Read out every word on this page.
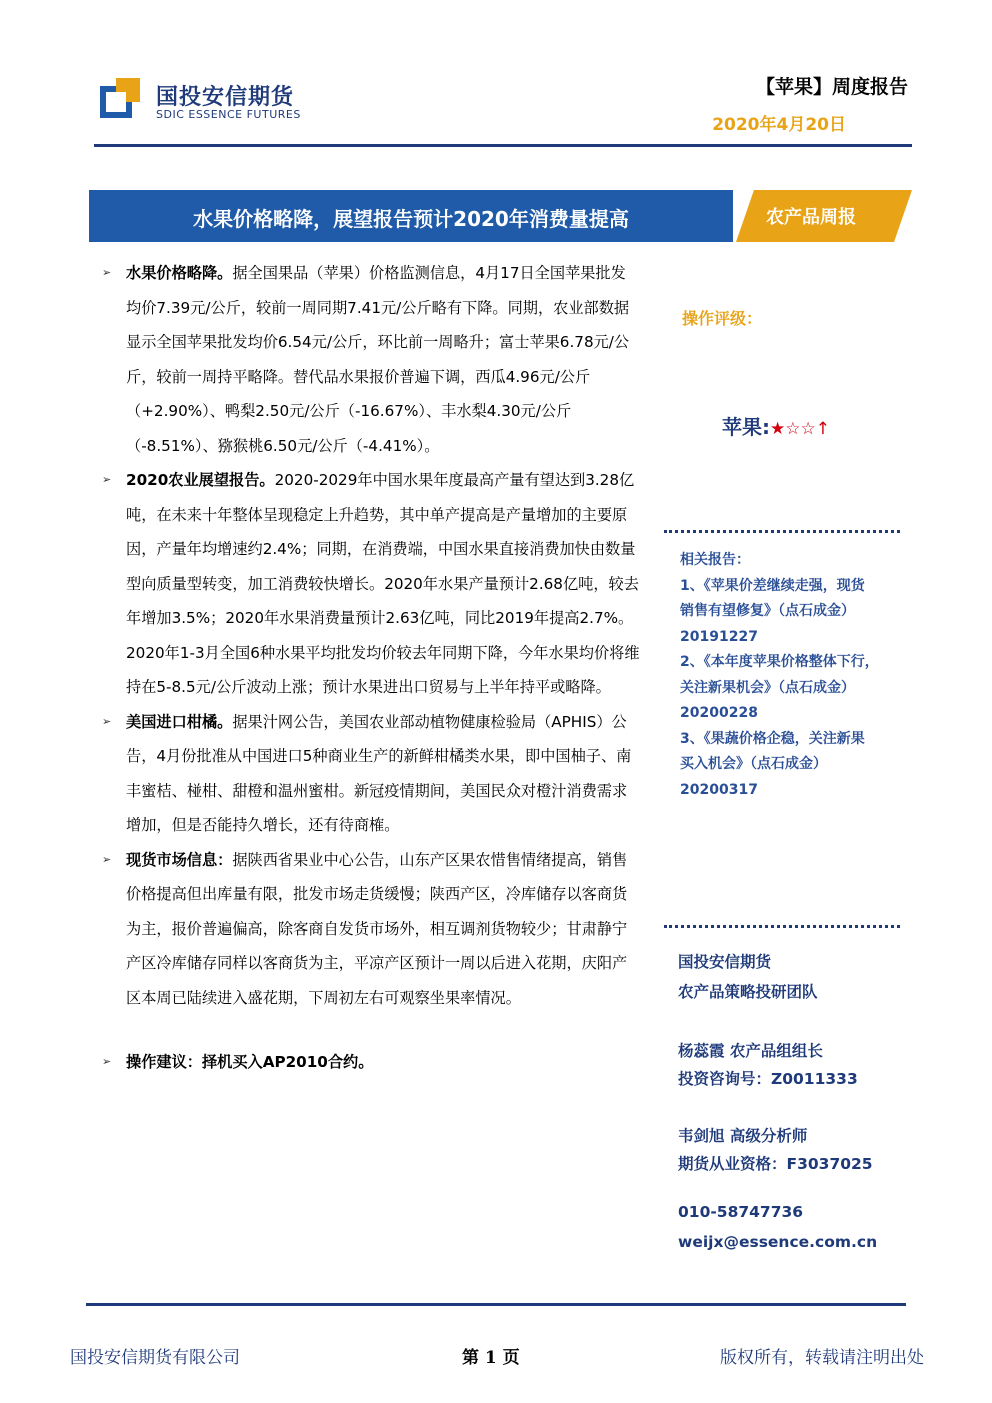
国投安信期货
SDIC ESSENCE FUTURES
【苹果】周度报告
2020年4月20日
水果价格略降，展望报告预计2020年消费量提高	农产品周报

➢ 水果价格略降。据全国果品（苹果）价格监测信息，4月17日全国苹果批发均价7.39元/公斤，较前一周同期7.41元/公斤略有下降。同期，农业部数据显示全国苹果批发均价6.54元/公斤，环比前一周略升；富士苹果6.78元/公斤，较前一周持平略降。替代品水果报价普遍下调，西瓜4.96元/公斤（+2.90%）、鸭梨2.50元/公斤（-16.67%）、丰水梨4.30元/公斤（-8.51%）、猕猴桃6.50元/公斤（-4.41%）。

➢ 2020农业展望报告。2020-2029年中国水果年度最高产量有望达到3.28亿吨，在未来十年整体呈现稳定上升趋势，其中单产提高是产量增加的主要原因，产量年均增速约2.4%；同期，在消费端，中国水果直接消费加快由数量型向质量型转变，加工消费较快增长。2020年水果产量预计2.68亿吨，较去年增加3.5%；2020年水果消费量预计2.63亿吨，同比2019年提高2.7%。2020年1-3月全国6种水果平均批发均价较去年同期下降，今年水果均价将维持在5-8.5元/公斤波动上涨；预计水果进出口贸易与上半年持平或略降。

➢ 美国进口柑橘。据果汁网公告，美国农业部动植物健康检验局（APHIS）公告，4月份批准从中国进口5种商业生产的新鲜柑橘类水果，即中国柚子、南丰蜜桔、椪柑、甜橙和温州蜜柑。新冠疫情期间，美国民众对橙汁消费需求增加，但是否能持久增长，还有待商榷。

➢ 现货市场信息：据陕西省果业中心公告，山东产区果农惜售情绪提高，销售价格提高但出库量有限，批发市场走货缓慢；陕西产区，冷库储存以客商货为主，报价普遍偏高，除客商自发货市场外，相互调剂货物较少；甘肃静宁产区冷库储存同样以客商货为主，平凉产区预计一周以后进入花期，庆阳产区本周已陆续进入盛花期，下周初左右可观察坐果率情况。

➢ 操作建议：择机买入AP2010合约。

操作评级：
苹果:★☆☆↑
相关报告：
1、《苹果价差继续走强，现货
销售有望修复》（点石成金）
20191227
2、《本年度苹果价格整体下行，
关注新果机会》（点石成金）
20200228
3、《果蔬价格企稳，关注新果
买入机会》（点石成金）
20200317
国投安信期货
农产品策略投研团队
杨蕊霞 农产品组组长
投资咨询号：Z0011333
韦剑旭 高级分析师
期货从业资格：F3037025
010-58747736
weijx@essence.com.cn
国投安信期货有限公司	第 1 页	版权所有，转载请注明出处
